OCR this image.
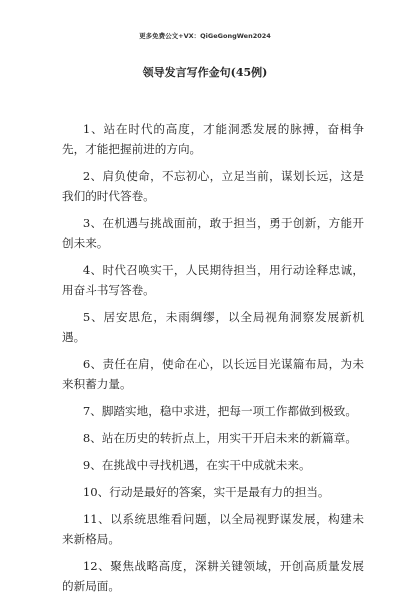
更多免费公文+VX：QiGeGongWen2024
领导发言写作金句(45例)

1、站在时代的高度，才能洞悉发展的脉搏，奋楫争先，才能把握前进的方向。

2、肩负使命，不忘初心，立足当前，谋划长远，这是我们的时代答卷。

3、在机遇与挑战面前，敢于担当，勇于创新，方能开创未来。

4、时代召唤实干，人民期待担当，用行动诠释忠诚，用奋斗书写答卷。

5、居安思危，未雨绸缪，以全局视角洞察发展新机遇。

6、责任在肩，使命在心，以长远目光谋篇布局，为未来积蓄力量。

7、脚踏实地，稳中求进，把每一项工作都做到极致。

8、站在历史的转折点上，用实干开启未来的新篇章。

9、在挑战中寻找机遇，在实干中成就未来。

10、行动是最好的答案，实干是最有力的担当。

11、以系统思维看问题，以全局视野谋发展，构建未来新格局。

12、聚焦战略高度，深耕关键领域，开创高质量发展的新局面。
